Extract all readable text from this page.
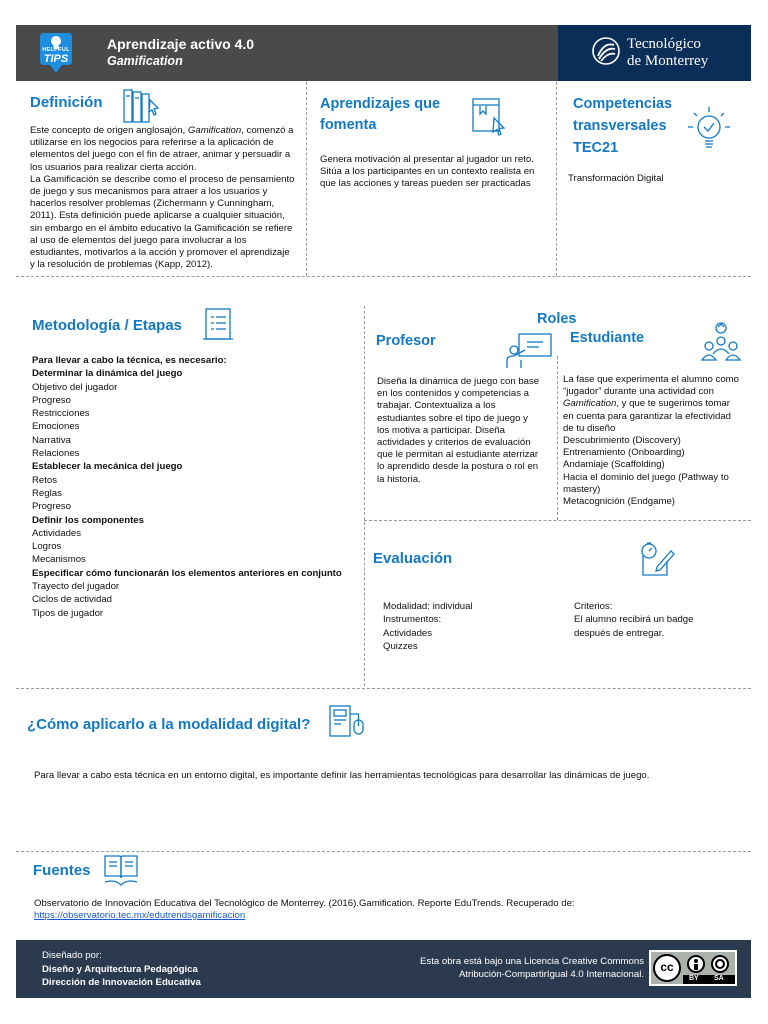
HELPFUL
TIPS
Aprendizaje activo 4.0
Gamification
Tecnológico
de Monterrey
Definición
Este concepto de origen anglosajón, Gamification, comenzó a utilizarse en los negocios para referirse a la aplicación de elementos del juego con el fin de atraer, animar y persuadir a los usuarios para realizar cierta acción.
La Gamificación se describe como el proceso de pensamiento de juego y sus mecanismos para atraer a los usuarios y hacerlos resolver problemas (Zichermann y Cunningham, 2011). Esta definición puede aplicarse a cualquier situación, sin embargo en el ámbito educativo la Gamificación se refiere al uso de elementos del juego para involucrar a los estudiantes, motivarlos a la acción y promover el aprendizaje y la resolución de problemas (Kapp, 2012).
Aprendizajes que
fomenta
Genera motivación al presentar al jugador un reto. Sitúa a los participantes en un contexto realista en que las acciones y tareas pueden ser practicadas
Competencias
transversales
TEC21
Transformación Digital
Metodología / Etapas
Para llevar a cabo la técnica, es necesario:
Determinar la dinámica del juego
Objetivo del jugador
Progreso
Restricciones
Emociones
Narrativa
Relaciones
Establecer la mecánica del juego
Retos
Reglas
Progreso
Definir los componentes
Actividades
Logros
Mecanismos
Especificar cómo funcionarán los elementos anteriores en conjunto
Trayecto del jugador
Ciclos de actividad
Tipos de jugador
Roles
Profesor
Diseña la dinámica de juego con base en los contenidos y competencias a trabajar. Contextualiza a los estudiantes sobre el tipo de juego y los motiva a participar. Diseña actividades y criterios de evaluación que le permitan al estudiante aterrizar lo aprendido desde la postura o rol en la historia.
Estudiante
La fase que experimenta el alumno como “jugador” durante una actividad con Gamification, y que te sugerimos tomar en cuenta para garantizar la efectividad de tu diseño
Descubrimiento (Discovery)
Entrenamiento (Onboarding)
Andamiaje (Scaffolding)
Hacia el dominio del juego (Pathway to mastery)
Metacognición (Endgame)
Evaluación
Modalidad: individual
Instrumentos:
Actividades
Quizzes
Criterios:
El alumno recibirá un badge
después de entregar.
¿Cómo aplicarlo a la modalidad digital?
Para llevar a cabo esta técnica en un entorno digital, es importante definir las herramientas tecnológicas para desarrollar las dinámicas de juego.
Fuentes
Observatorio de Innovación Educativa del Tecnológico de Monterrey. (2016).Gamification. Reporte EduTrends. Recuperado de:
https://observatorio.tec.mx/edutrendsgamificacion
Diseñado por:
Diseño y Arquitectura Pedagógica
Dirección de Innovación Educativa
Esta obra está bajo una Licencia Creative Commons
Atribución-CompartirIgual 4.0 Internacional.
cc
BY SA
